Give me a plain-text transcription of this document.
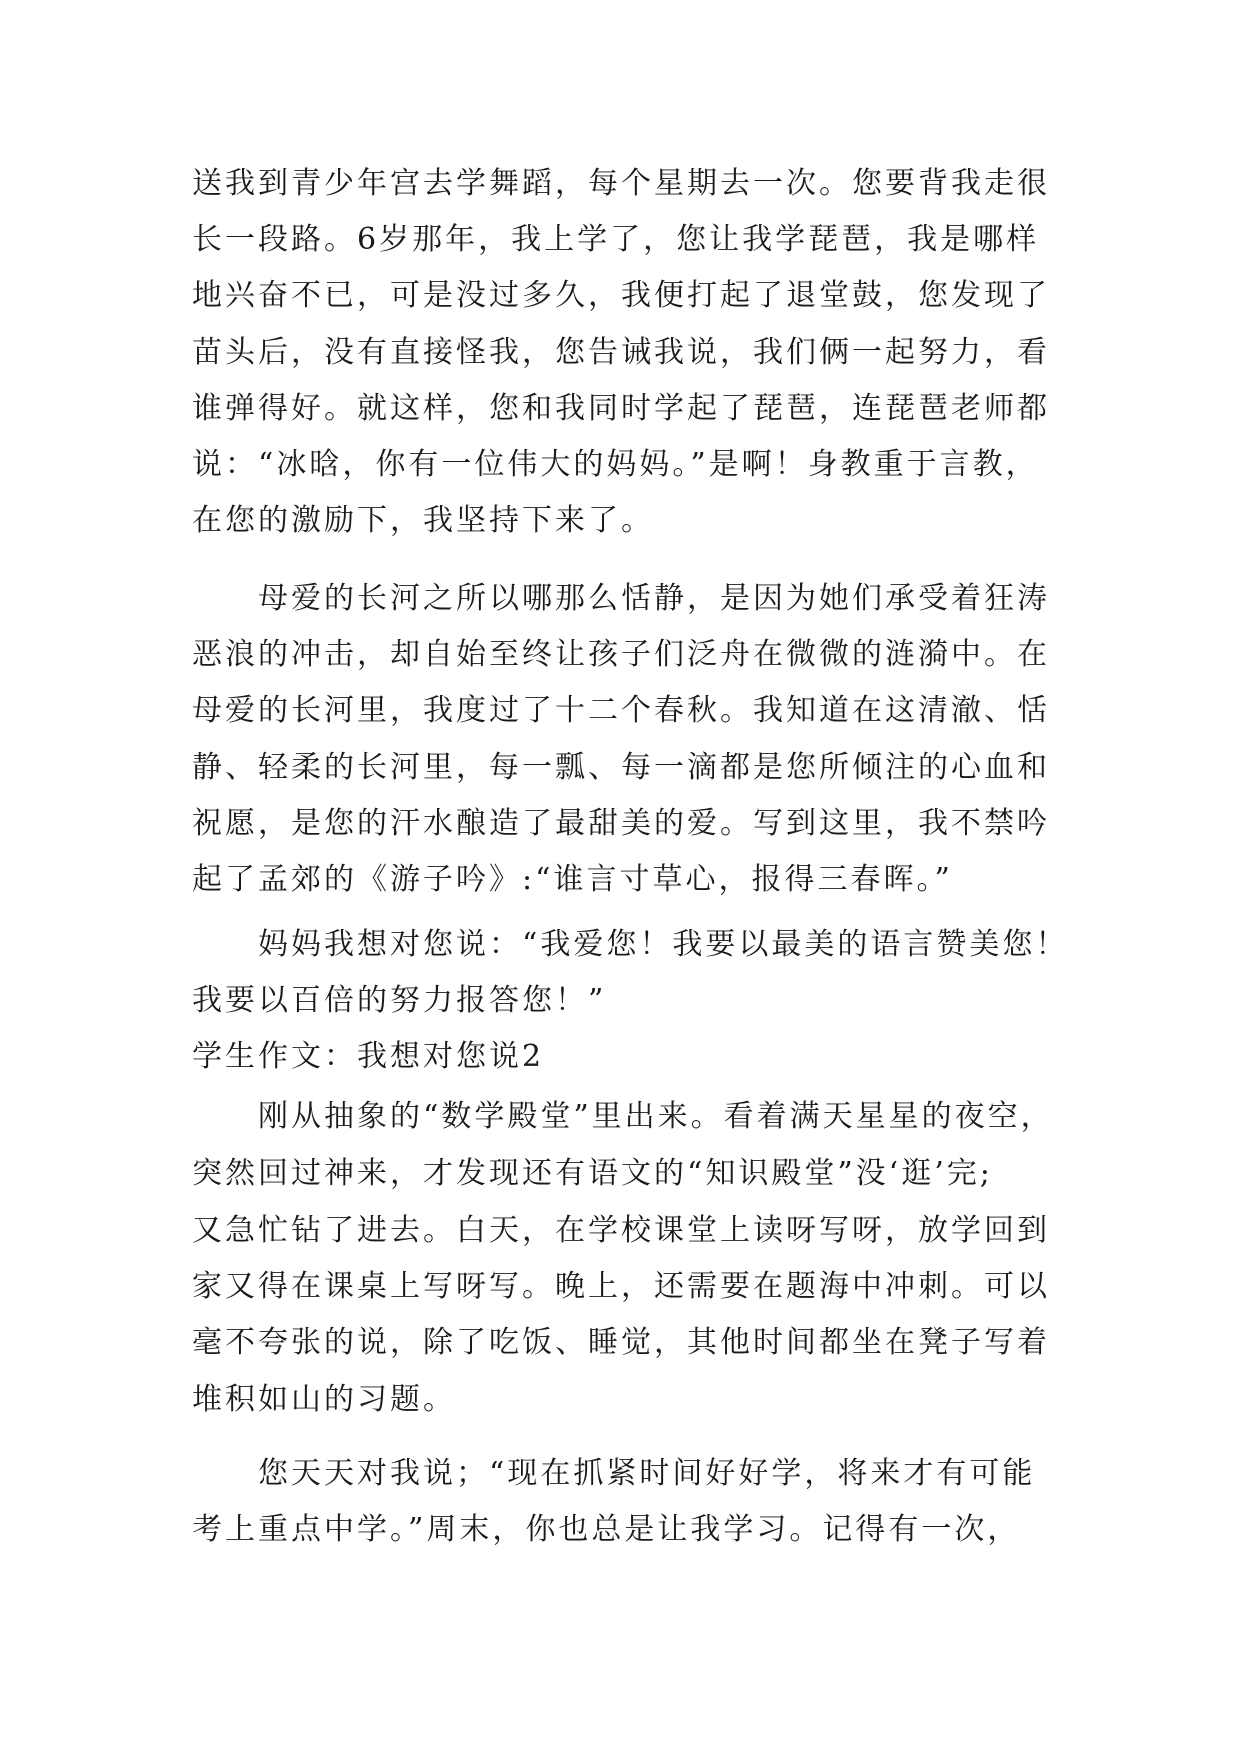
送我到青少年宫去学舞蹈，每个星期去一次。您要背我走很
长一段路。6岁那年，我上学了，您让我学琵琶，我是哪样
地兴奋不已，可是没过多久，我便打起了退堂鼓，您发现了
苗头后，没有直接怪我，您告诫我说，我们俩一起努力，看
谁弹得好。就这样，您和我同时学起了琵琶，连琵琶老师都
说：“冰晗，你有一位伟大的妈妈。”是啊！身教重于言教，
在您的激励下，我坚持下来了。
母爱的长河之所以哪那么恬静，是因为她们承受着狂涛
恶浪的冲击，却自始至终让孩子们泛舟在微微的涟漪中。在
母爱的长河里，我度过了十二个春秋。我知道在这清澈、恬
静、轻柔的长河里，每一瓢、每一滴都是您所倾注的心血和
祝愿，是您的汗水酿造了最甜美的爱。写到这里，我不禁吟
起了孟郊的《游子吟》:“谁言寸草心，报得三春晖。”
妈妈我想对您说：“我爱您！我要以最美的语言赞美您！
我要以百倍的努力报答您！”
学生作文：我想对您说2
刚从抽象的“数学殿堂”里出来。看着满天星星的夜空，
突然回过神来，才发现还有语文的“知识殿堂”没‘逛’完;
又急忙钻了进去。白天，在学校课堂上读呀写呀，放学回到
家又得在课桌上写呀写。晚上，还需要在题海中冲刺。可以
毫不夸张的说，除了吃饭、睡觉，其他时间都坐在凳子写着
堆积如山的习题。
您天天对我说；“现在抓紧时间好好学，将来才有可能
考上重点中学。”周末，你也总是让我学习。记得有一次，
